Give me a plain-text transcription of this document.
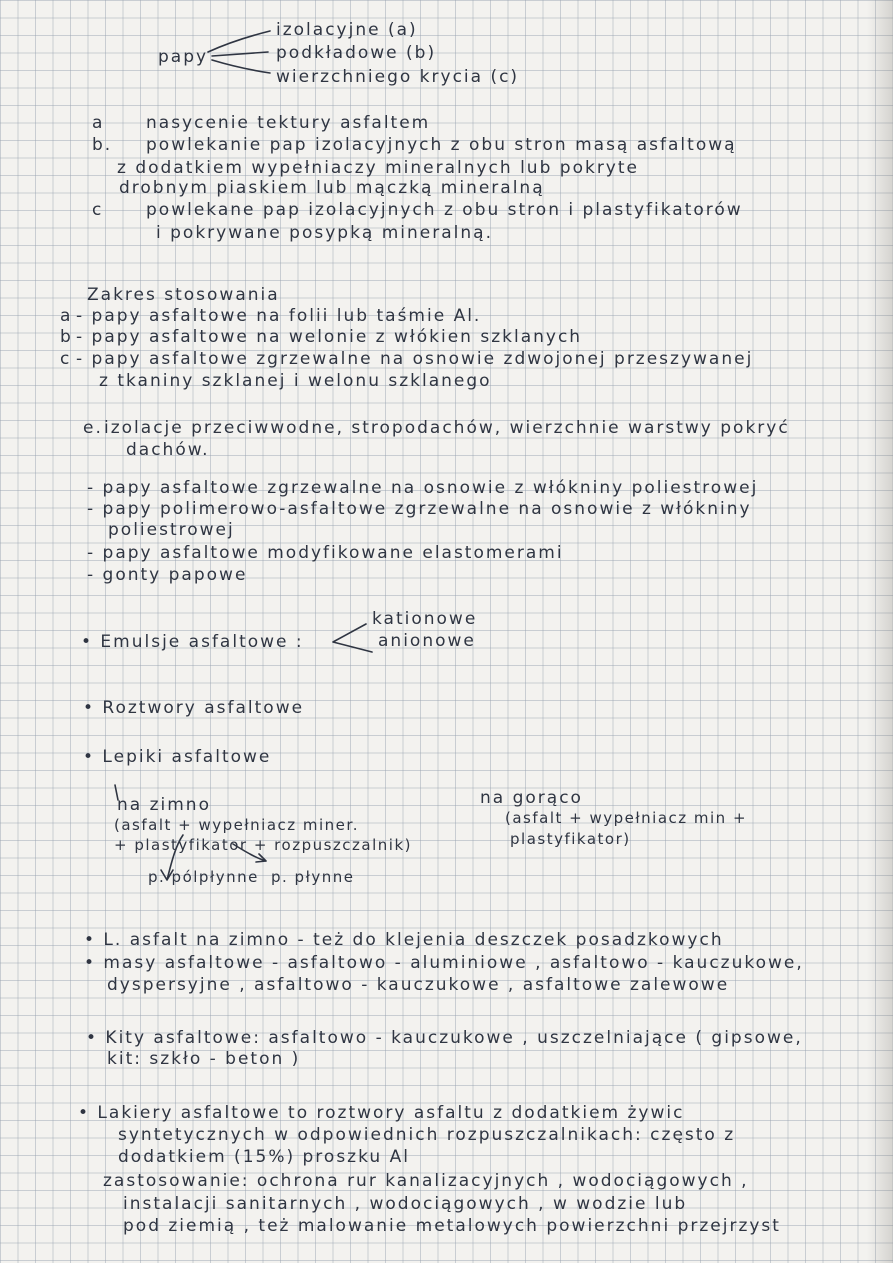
papy

izolacyjne (a)

podkładowe (b)

wierzchniego krycia (c)

a nasycenie tektury asfaltem

b. powlekanie pap izolacyjnych z obu stron masą asfaltową

z dodatkiem wypełniaczy mineralnych lub pokryte

drobnym piaskiem lub mączką mineralną

c	powlekane pap izolacyjnych z obu stron i plastyfikatorów

i pokrywane posypką mineralną.

Zakres stosowania

a - papy asfaltowe na folii lub taśmie Al.

b - papy asfaltowe na welonie z włókien szklanych

c - papy asfaltowe zgrzewalne na osnowie zdwojonej przeszywanej

z tkaniny szklanej i welonu szklanego

e. izolacje przeciwwodne, stropodachów, wierzchnie warstwy pokryć

dachów.

- papy asfaltowe zgrzewalne na osnowie z włókniny poliestrowej

- papy polimerowo-asfaltowe zgrzewalne na osnowie z włókniny

poliestrowej

- papy asfaltowe modyfikowane elastomerami

- gonty papowe

• Emulsje asfaltowe :

kationowe

anionowe

• Roztwory asfaltowe

• Lepiki asfaltowe

na zimno

(asfalt + wypełniacz miner.

+ plastyfikator + rozpuszczalnik)

na gorąco

(asfalt + wypełniacz min +

plastyfikator)

p. pólpłynne p. płynne

• L. asfalt na zimno - też do klejenia deszczek posadzkowych

• masy asfaltowe - asfaltowo - aluminiowe , asfaltowo - kauczukowe,

dyspersyjne , asfaltowo - kauczukowe , asfaltowe zalewowe

• Kity asfaltowe: asfaltowo - kauczukowe , uszczelniające ( gipsowe,

kit: szkło - beton )

• Lakiery asfaltowe to roztwory asfaltu z dodatkiem żywic

syntetycznych w odpowiednich rozpuszczalnikach: często z

dodatkiem (15%) proszku Al

zastosowanie: ochrona rur kanalizacyjnych , wodociągowych ,

instalacji sanitarnych , wodociągowych , w wodzie lub

pod ziemią , też malowanie metalowych powierzchni przejrzyst
